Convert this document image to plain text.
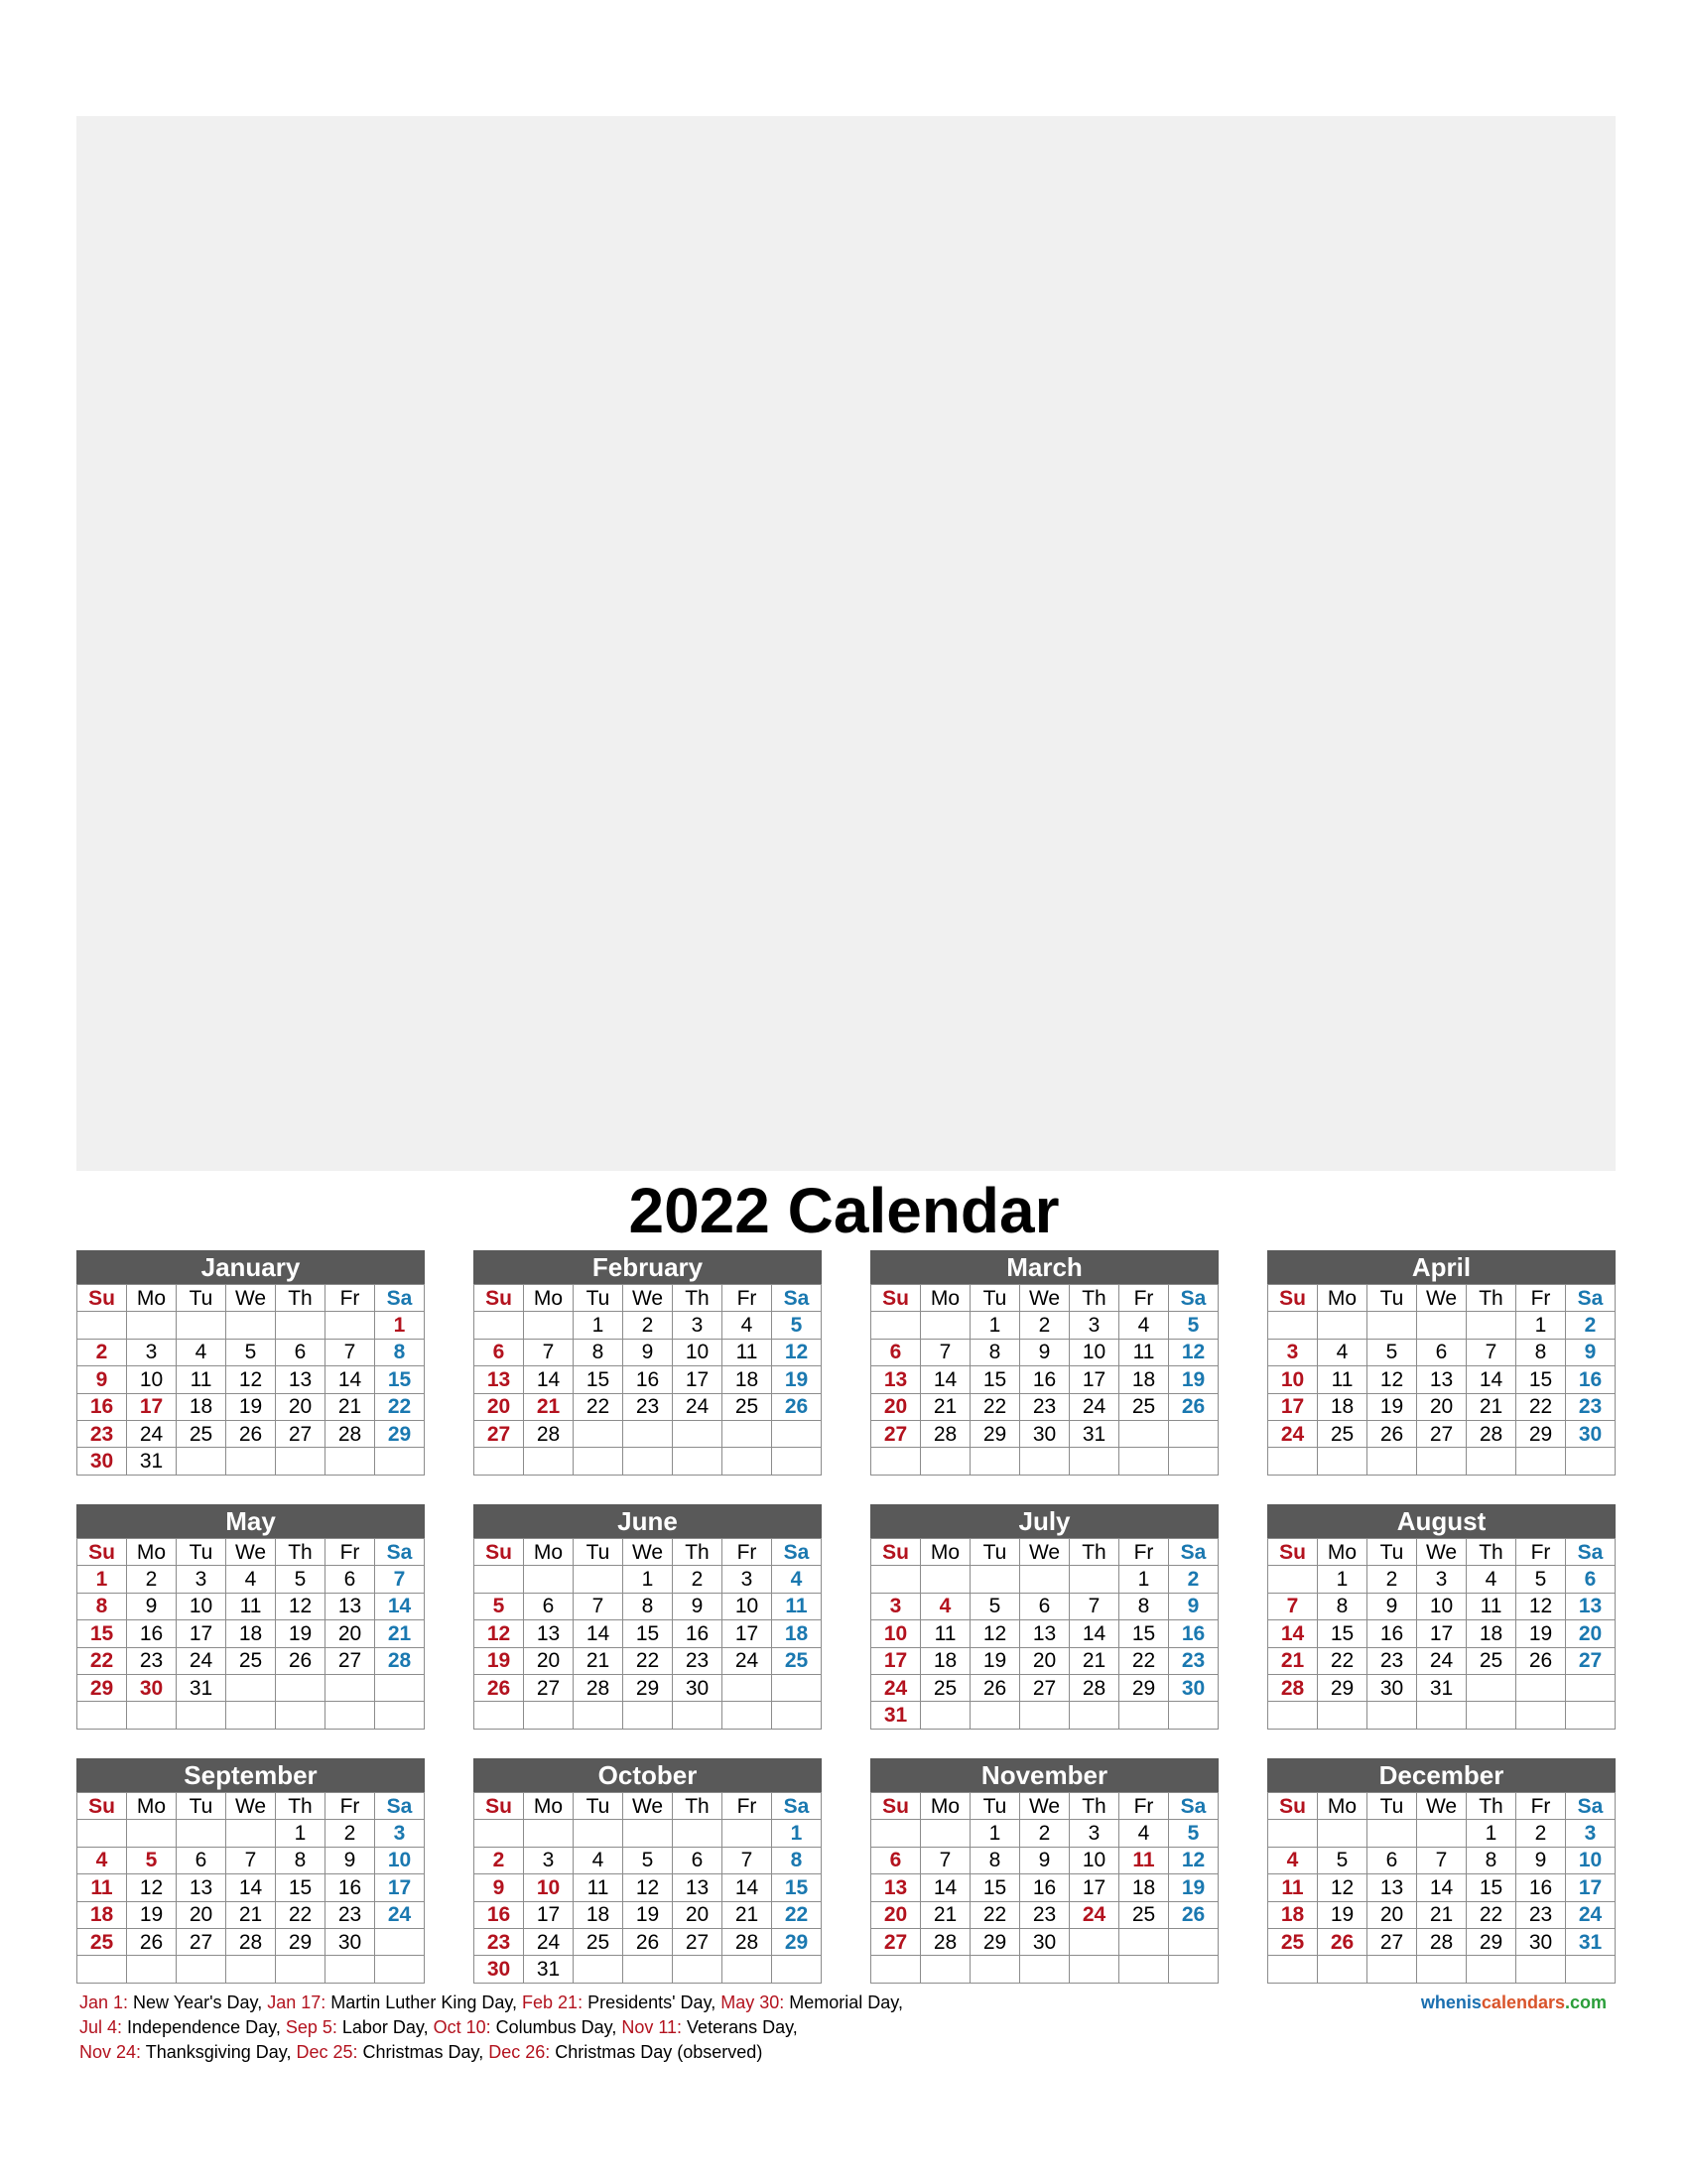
2022 Calendar
January
Su	Mo	Tu	We	Th	Fr	Sa
						1
2	3	4	5	6	7	8
9	10	11	12	13	14	15
16	17	18	19	20	21	22
23	24	25	26	27	28	29
30	31					
February
Su	Mo	Tu	We	Th	Fr	Sa
		1	2	3	4	5
6	7	8	9	10	11	12
13	14	15	16	17	18	19
20	21	22	23	24	25	26
27	28					

March
Su	Mo	Tu	We	Th	Fr	Sa
		1	2	3	4	5
6	7	8	9	10	11	12
13	14	15	16	17	18	19
20	21	22	23	24	25	26
27	28	29	30	31		

April
Su	Mo	Tu	We	Th	Fr	Sa
					1	2
3	4	5	6	7	8	9
10	11	12	13	14	15	16
17	18	19	20	21	22	23
24	25	26	27	28	29	30

May
Su	Mo	Tu	We	Th	Fr	Sa
1	2	3	4	5	6	7
8	9	10	11	12	13	14
15	16	17	18	19	20	21
22	23	24	25	26	27	28
29	30	31				

June
Su	Mo	Tu	We	Th	Fr	Sa
			1	2	3	4
5	6	7	8	9	10	11
12	13	14	15	16	17	18
19	20	21	22	23	24	25
26	27	28	29	30		

July
Su	Mo	Tu	We	Th	Fr	Sa
					1	2
3	4	5	6	7	8	9
10	11	12	13	14	15	16
17	18	19	20	21	22	23
24	25	26	27	28	29	30
31						
August
Su	Mo	Tu	We	Th	Fr	Sa
	1	2	3	4	5	6
7	8	9	10	11	12	13
14	15	16	17	18	19	20
21	22	23	24	25	26	27
28	29	30	31			

September
Su	Mo	Tu	We	Th	Fr	Sa
				1	2	3
4	5	6	7	8	9	10
11	12	13	14	15	16	17
18	19	20	21	22	23	24
25	26	27	28	29	30	

October
Su	Mo	Tu	We	Th	Fr	Sa
						1
2	3	4	5	6	7	8
9	10	11	12	13	14	15
16	17	18	19	20	21	22
23	24	25	26	27	28	29
30	31					
November
Su	Mo	Tu	We	Th	Fr	Sa
		1	2	3	4	5
6	7	8	9	10	11	12
13	14	15	16	17	18	19
20	21	22	23	24	25	26
27	28	29	30			

December
Su	Mo	Tu	We	Th	Fr	Sa
				1	2	3
4	5	6	7	8	9	10
11	12	13	14	15	16	17
18	19	20	21	22	23	24
25	26	27	28	29	30	31

Jan 1: New Year's Day, Jan 17: Martin Luther King Day, Feb 21: Presidents' Day, May 30: Memorial Day,
Jul 4: Independence Day, Sep 5: Labor Day, Oct 10: Columbus Day, Nov 11: Veterans Day,
Nov 24: Thanksgiving Day, Dec 25: Christmas Day, Dec 26: Christmas Day (observed)
wheniscalendars.com
